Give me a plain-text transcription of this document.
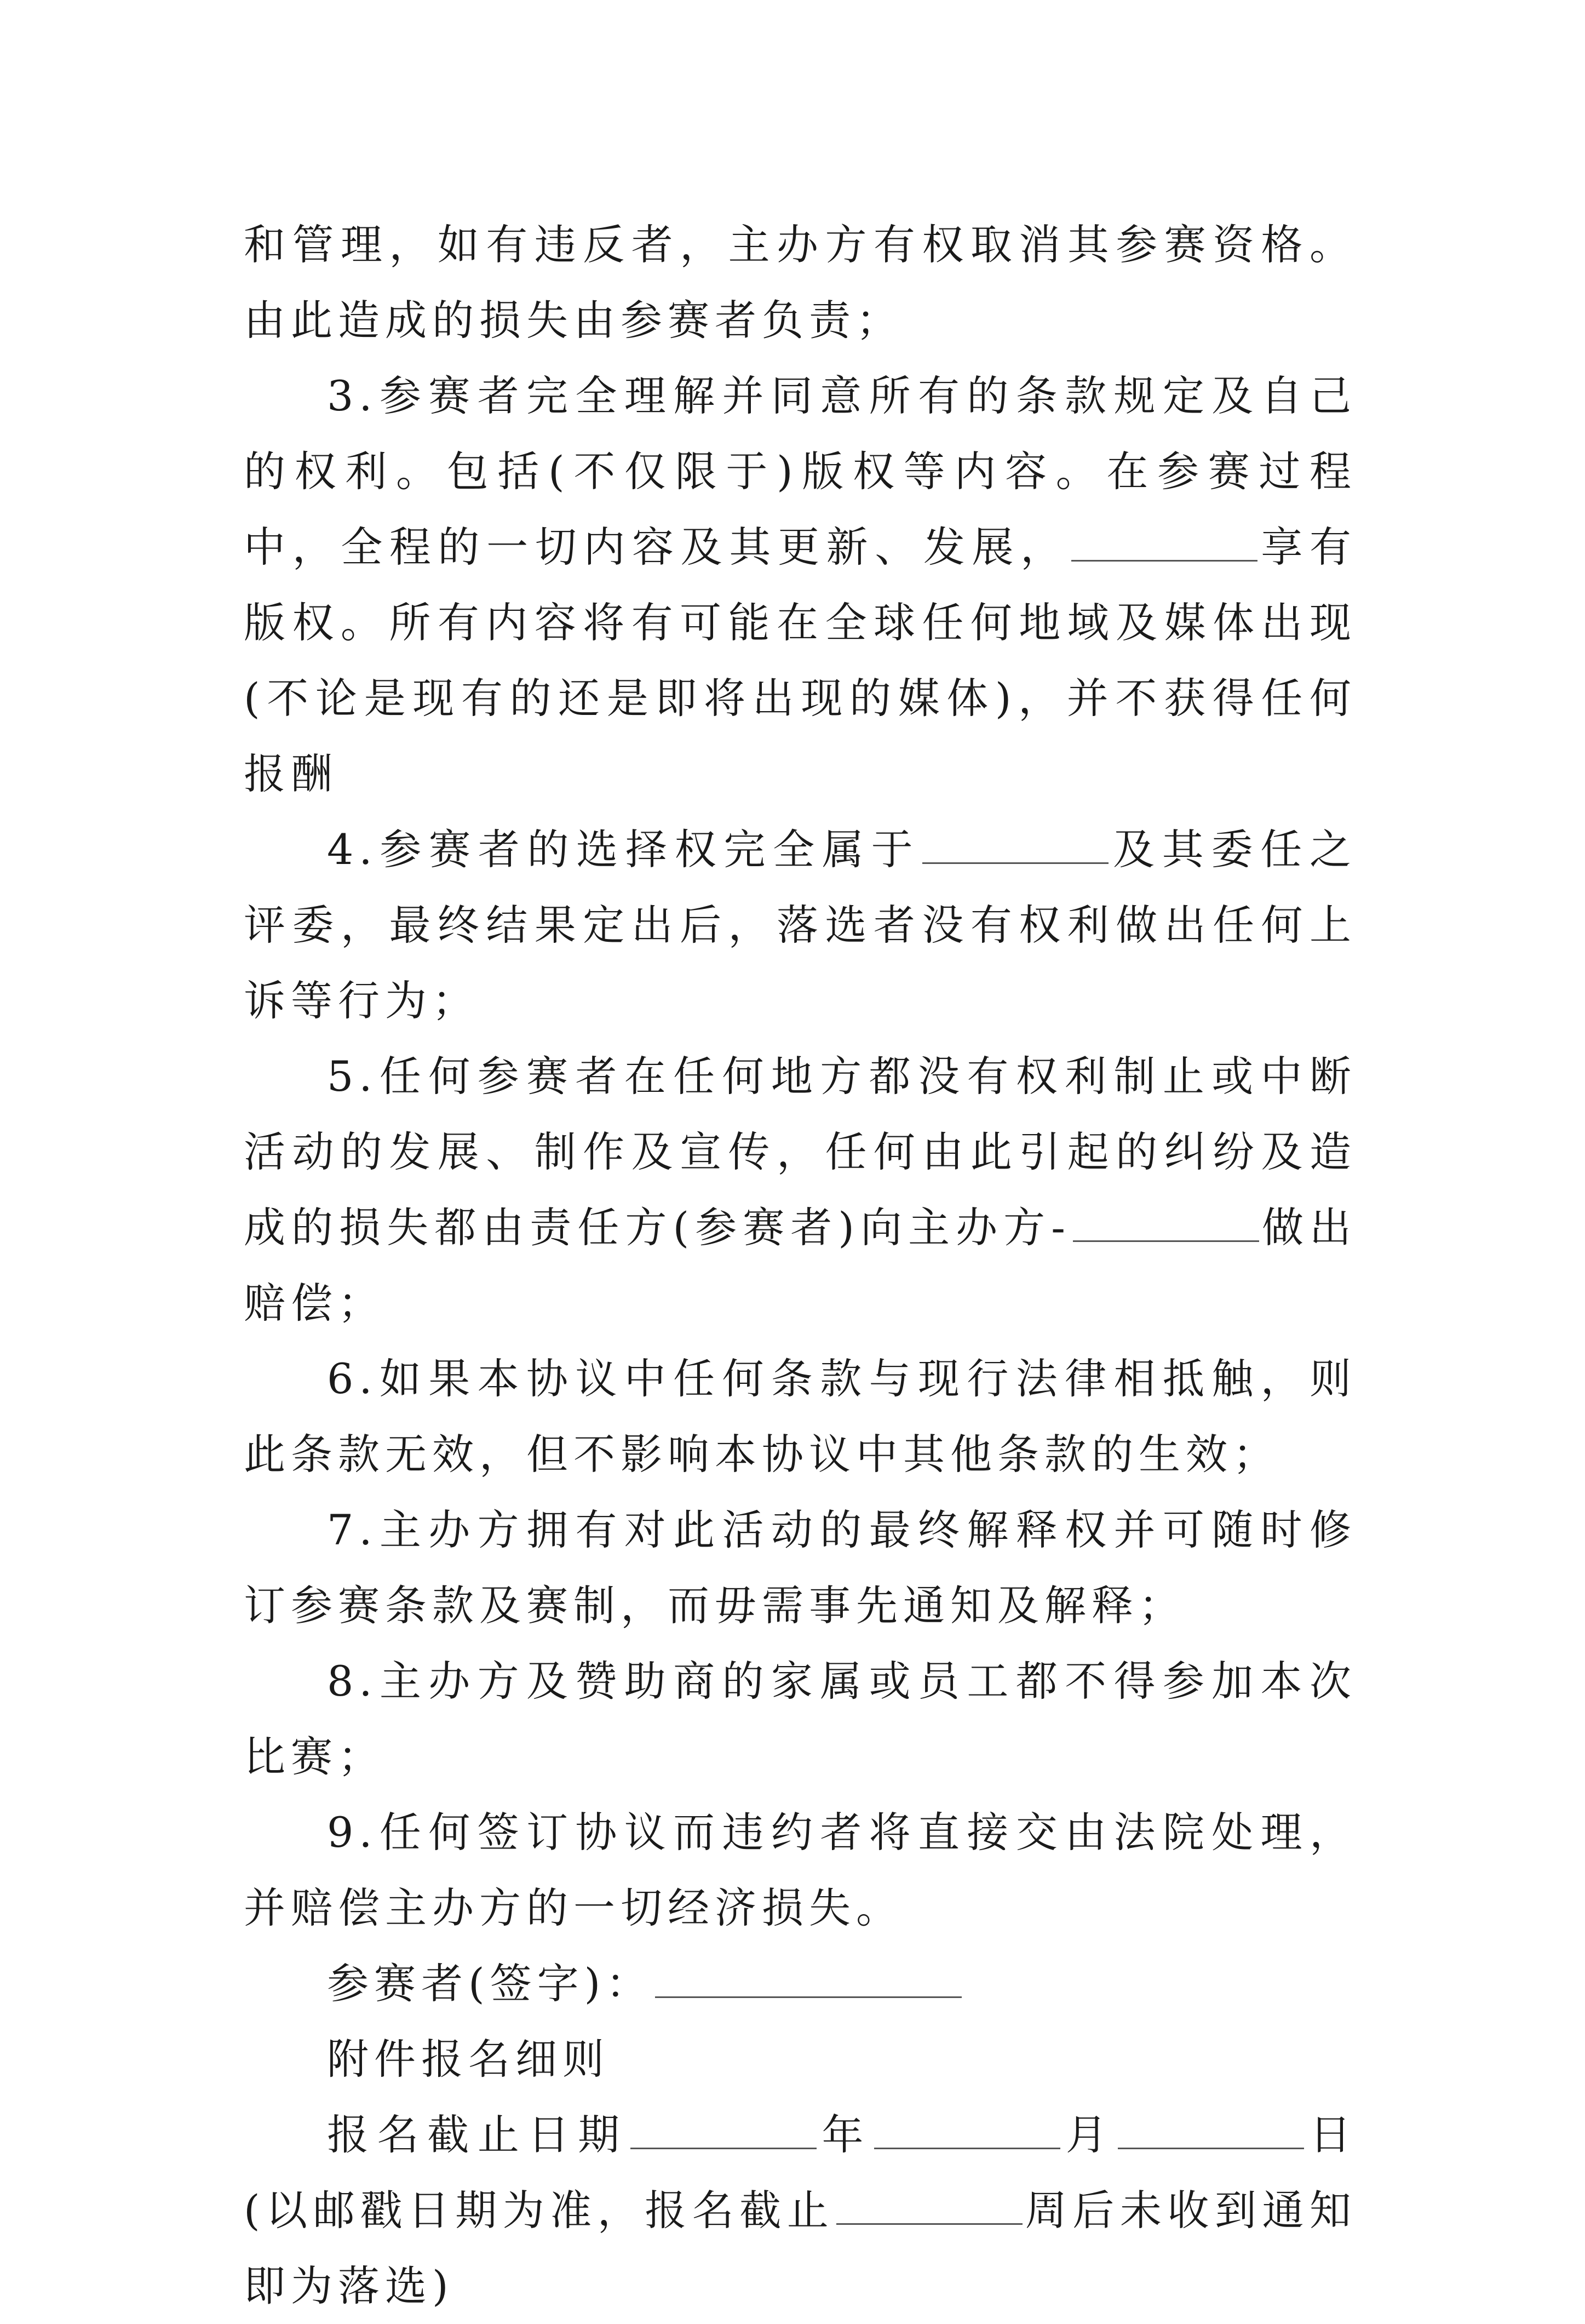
和管理，如有违反者，主办方有权取消其参赛资格。由此造成的损失由参赛者负责；

3.参赛者完全理解并同意所有的条款规定及自己的权利。包括(不仅限于)版权等内容。在参赛过程中，全程的一切内容及其更新、发展，	享有版权。所有内容将有可能在全球任何地域及媒体出现(不论是现有的还是即将出现的媒体)，并不获得任何报酬

4.参赛者的选择权完全属于	及其委任之评委，最终结果定出后，落选者没有权利做出任何上诉等行为；

5.任何参赛者在任何地方都没有权利制止或中断活动的发展、制作及宣传，任何由此引起的纠纷及造成的损失都由责任方(参赛者)向主办方-	做出赔偿；

6.如果本协议中任何条款与现行法律相抵触，则此条款无效，但不影响本协议中其他条款的生效；

7.主办方拥有对此活动的最终解释权并可随时修订参赛条款及赛制，而毋需事先通知及解释；

8.主办方及赞助商的家属或员工都不得参加本次比赛；

9.任何签订协议而违约者将直接交由法院处理，并赔偿主办方的一切经济损失。

参赛者(签字)：

附件报名细则

报名截止日期	年	月	日(以邮戳日期为准，报名截止	周后未收到通知即为落选)
